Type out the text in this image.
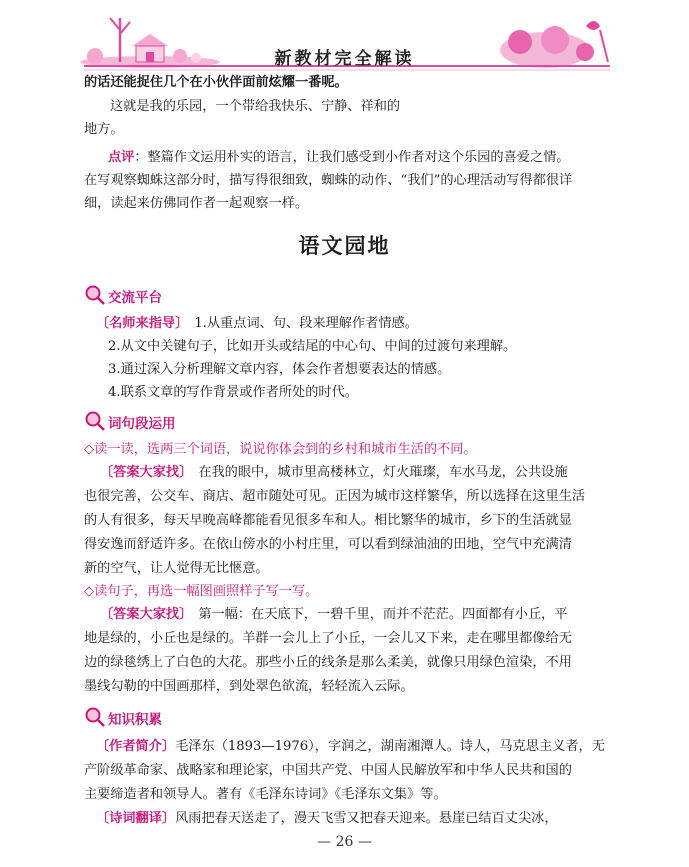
新教材完全解读
的话还能捉住几个在小伙伴面前炫耀一番呢。
这就是我的乐园，一个带给我快乐、宁静、祥和的
地方。
点评：整篇作文运用朴实的语言，让我们感受到小作者对这个乐园的喜爱之情。
在写观察蜘蛛这部分时，描写得很细致，蜘蛛的动作、“我们”的心理活动写得都很详
细，读起来仿佛同作者一起观察一样。
语文园地
交流平台
〔名师来指导〕 1.从重点词、句、段来理解作者情感。
2.从文中关键句子，比如开头或结尾的中心句、中间的过渡句来理解。
3.通过深入分析理解文章内容，体会作者想要表达的情感。
4.联系文章的写作背景或作者所处的时代。
词句段运用
◇读一读，选两三个词语，说说你体会到的乡村和城市生活的不同。
〔答案大家找〕 在我的眼中，城市里高楼林立，灯火璀璨，车水马龙，公共设施
也很完善，公交车、商店、超市随处可见。正因为城市这样繁华，所以选择在这里生活
的人有很多，每天早晚高峰都能看见很多车和人。相比繁华的城市，乡下的生活就显
得安逸而舒适许多。在依山傍水的小村庄里，可以看到绿油油的田地，空气中充满清
新的空气，让人觉得无比惬意。
◇读句子，再选一幅图画照样子写一写。
〔答案大家找〕 第一幅：在天底下，一碧千里，而并不茫茫。四面都有小丘，平
地是绿的，小丘也是绿的。羊群一会儿上了小丘，一会儿又下来，走在哪里都像给无
边的绿毯绣上了白色的大花。那些小丘的线条是那么柔美，就像只用绿色渲染，不用
墨线勾勒的中国画那样，到处翠色欲流，轻轻流入云际。
知识积累
〔作者简介〕毛泽东（1893—1976），字润之，湖南湘潭人。诗人，马克思主义者，无
产阶级革命家、战略家和理论家，中国共产党、中国人民解放军和中华人民共和国的
主要缔造者和领导人。著有《毛泽东诗词》《毛泽东文集》等。
〔诗词翻译〕风雨把春天送走了，漫天飞雪又把春天迎来。悬崖已结百丈尖冰，
— 26 —
